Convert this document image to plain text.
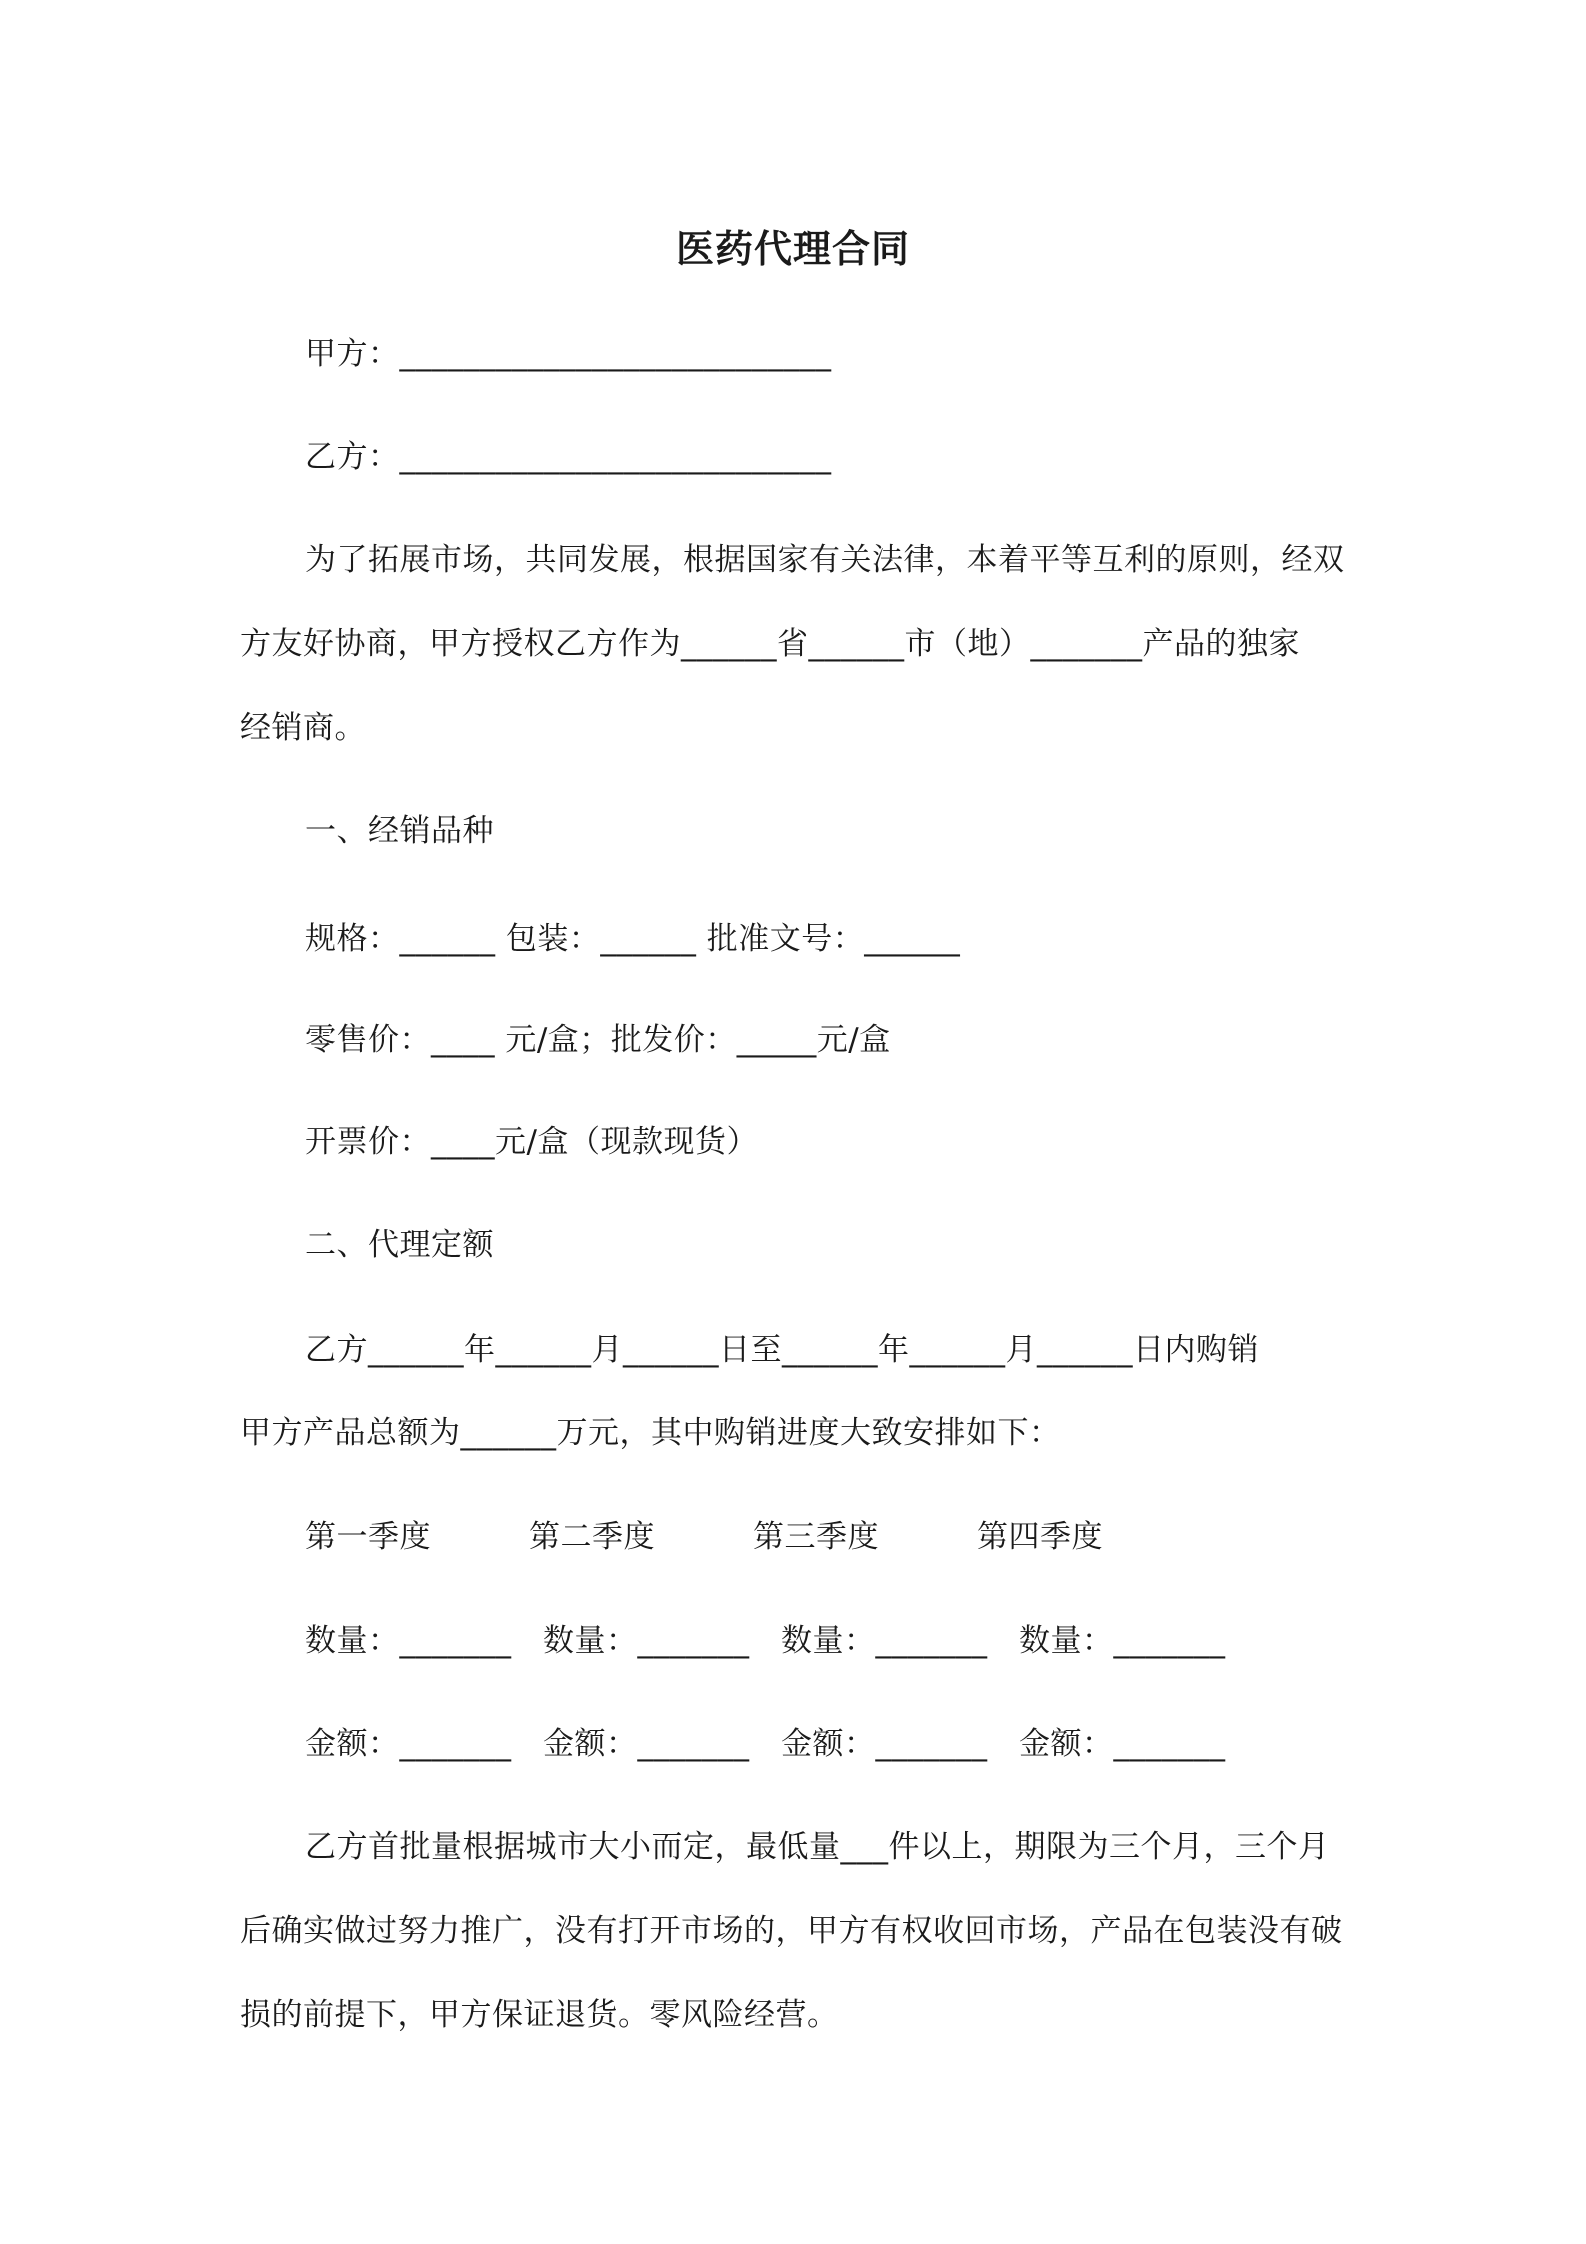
医药代理合同
甲方：___________________________
乙方：___________________________
为了拓展市场，共同发展，根据国家有关法律，本着平等互利的原则，经双
方友好协商，甲方授权乙方作为______省______市（地）_______产品的独家
经销商。
一、经销品种
规格：______ 包装：______ 批准文号：______
零售价：____ 元/盒；批发价：_____元/盒
开票价：____元/盒（现款现货）
二、代理定额
乙方______年______月______日至______年______月______日内购销
甲方产品总额为______万元，其中购销进度大致安排如下：
第一季度	第二季度	第三季度	第四季度
数量：_______ 数量：_______ 数量：_______ 数量：_______
金额：_______ 金额：_______ 金额：_______ 金额：_______
乙方首批量根据城市大小而定，最低量___件以上，期限为三个月，三个月
后确实做过努力推广，没有打开市场的，甲方有权收回市场，产品在包装没有破
损的前提下，甲方保证退货。零风险经营。
